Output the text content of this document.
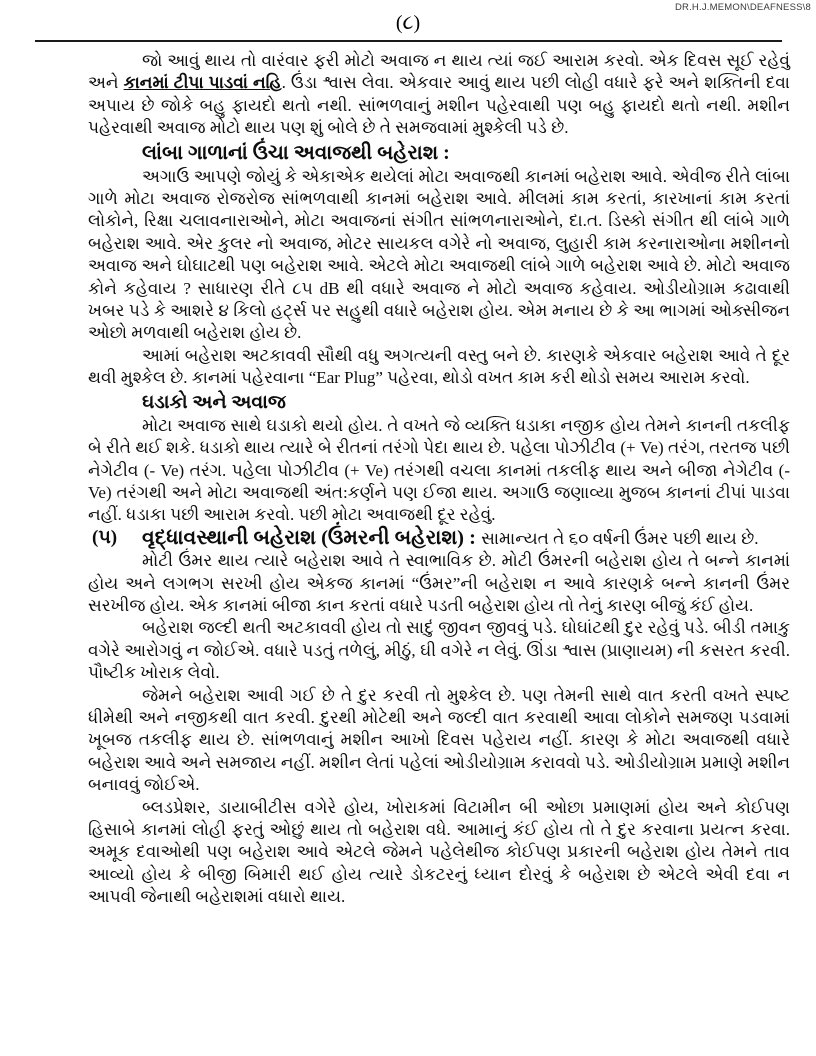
DR.H.J.MEMON\DEAFNESS\8
(૮)

જો આવું થાય તો વારંવાર ફરી મોટો અવાજ ન થાય ત્યાં જઈ આરામ કરવો. એક દિવસ સૂઈ રહેવું અને કાનમાં ટીપા પાડવાં નહિ. ઉંડા શ્વાસ લેવા. એકવાર આવું થાય પછી લોહી વધારે ફરે અને શક્તિની દવા અપાય છે જોકે બહુ ફાયદો થતો નથી. સાંભળવાનું મશીન પહેરવાથી પણ બહુ ફાયદો થતો નથી. મશીન પહેરવાથી અવાજ મોટો થાય પણ શું બોલે છે તે સમજવામાં મુશ્કેલી પડે છે.

લાંબા ગાળાનાં ઉંચા અવાજથી બહેરાશ :

અગાઉ આપણે જોયું કે એકાએક થયેલાં મોટા અવાજથી કાનમાં બહેરાશ આવે. એવીજ રીતે લાંબા ગાળે મોટા અવાજ રોજરોજ સાંભળવાથી કાનમાં બહેરાશ આવે. મીલમાં કામ કરતાં, કારખાનાં કામ કરતાં લોકોને, રિક્ષા ચલાવનારાઓને, મોટા અવાજનાં સંગીત સાંભળનારાઓને, દા.ત. ડિસ્કો સંગીત થી લાંબે ગાળે બહેરાશ આવે. એર કુલર નો અવાજ, મોટર સાયકલ વગેરે નો અવાજ, લુહારી કામ કરનારાઓના મશીનનો અવાજ અને ઘોઘાટથી પણ બહેરાશ આવે. એટલે મોટા અવાજથી લાંબે ગાળે બહેરાશ આવે છે. મોટો અવાજ કોને કહેવાય ? સાધારણ રીતે ૮૫ dB થી વધારે અવાજ ને મોટો અવાજ કહેવાય. ઓડીયોગ્રામ કઢાવાથી ખબર પડે કે આશરે ૪ કિલો હર્ટ્સ પર સહુથી વધારે બહેરાશ હોય. એમ મનાય છે કે આ ભાગમાં ઓક્સીજન ઓછો મળવાથી બહેરાશ હોય છે.

આમાં બહેરાશ અટકાવવી સૌથી વધુ અગત્યની વસ્તુ બને છે. કારણકે એકવાર બહેરાશ આવે તે દૂર થવી મુશ્કેલ છે. કાનમાં પહેરવાના “Ear Plug” પહેરવા, થોડો વખત કામ કરી થોડો સમય આરામ કરવો.

ઘડાકો અને અવાજ

મોટા અવાજ સાથે ઘડાકો થયો હોય. તે વખતે જે વ્યક્તિ ધડાકા નજીક હોય તેમને કાનની તકલીફ બે રીતે થઈ શકે. ધડાકો થાય ત્યારે બે રીતનાં તરંગો પેદા થાય છે. પહેલા પોઝીટીવ (+ Ve) તરંગ, તરતજ પછી નેગેટીવ (- Ve) તરંગ. પહેલા પોઝીટીવ (+ Ve) તરંગથી વચલા કાનમાં તકલીફ થાય અને બીજા નેગેટીવ (- Ve) તરંગથી અને મોટા અવાજથી અંત:કર્ણને પણ ઈજા થાય. અગાઉ જણાવ્યા મુજબ કાનનાં ટીપાં પાડવા નહીં. ધડાકા પછી આરામ કરવો. પછી મોટા અવાજથી દૂર રહેવું.

(૫) વૃદ્ધાવસ્થાની બહેરાશ (ઉંમરની બહેરાશ) : સામાન્યત તે ૬૦ વર્ષની ઉંમર પછી થાય છે.

મોટી ઉંમર થાય ત્યારે બહેરાશ આવે તે સ્વાભાવિક છે. મોટી ઉંમરની બહેરાશ હોય તે બન્ને કાનમાં હોય અને લગભગ સરખી હોય એકજ કાનમાં “ઉંમર”ની બહેરાશ ન આવે કારણકે બન્ને કાનની ઉંમર સરખીજ હોય. એક કાનમાં બીજા કાન કરતાં વધારે પડતી બહેરાશ હોય તો તેનું કારણ બીજું કંઈ હોય.

બહેરાશ જલ્દી થતી અટકાવવી હોય તો સાદું જીવન જીવવું પડે. ઘોઘાંટથી દુર રહેવું પડે. બીડી તમાકુ વગેરે આરોગવું ન જોઈએ. વધારે પડતું તળેલું, મીઠું, ઘી વગેરે ન લેવું. ઊંડા શ્વાસ (પ્રાણાયમ) ની કસરત કરવી. પૌષ્ટીક ખોરાક લેવો.

જેમને બહેરાશ આવી ગઈ છે તે દુર કરવી તો મુશ્કેલ છે. પણ તેમની સાથે વાત કરતી વખતે સ્પષ્ટ ધીમેથી અને નજીકથી વાત કરવી. દુરથી મોટેથી અને જલ્દી વાત કરવાથી આવા લોકોને સમજણ પડવામાં ખૂબજ તકલીફ થાય છે. સાંભળવાનું મશીન આખો દિવસ પહેરાય નહીં. કારણ કે મોટા અવાજથી વધારે બહેરાશ આવે અને સમજાય નહીં. મશીન લેતાં પહેલાં ઓડીયોગ્રામ કરાવવો પડે. ઓડીયોગ્રામ પ્રમાણે મશીન બનાવવું જોઈએ.

બ્લડપ્રેશર, ડાયાબીટીસ વગેરે હોય, ખોરાકમાં વિટામીન બી ઓછા પ્રમાણમાં હોય અને કોઈપણ હિસાબે કાનમાં લોહી ફરતું ઓછું થાય તો બહેરાશ વધે. આમાનું કંઈ હોય તો તે દુર કરવાના પ્રયત્ન કરવા. અમૂક દવાઓથી પણ બહેરાશ આવે એટલે જેમને પહેલેથીજ કોઈપણ પ્રકારની બહેરાશ હોય તેમને તાવ આવ્યો હોય કે બીજી બિમારી થઈ હોય ત્યારે ડોકટરનું ધ્યાન દોરવું કે બહેરાશ છે એટલે એવી દવા ન આપવી જેનાથી બહેરાશમાં વધારો થાય.
